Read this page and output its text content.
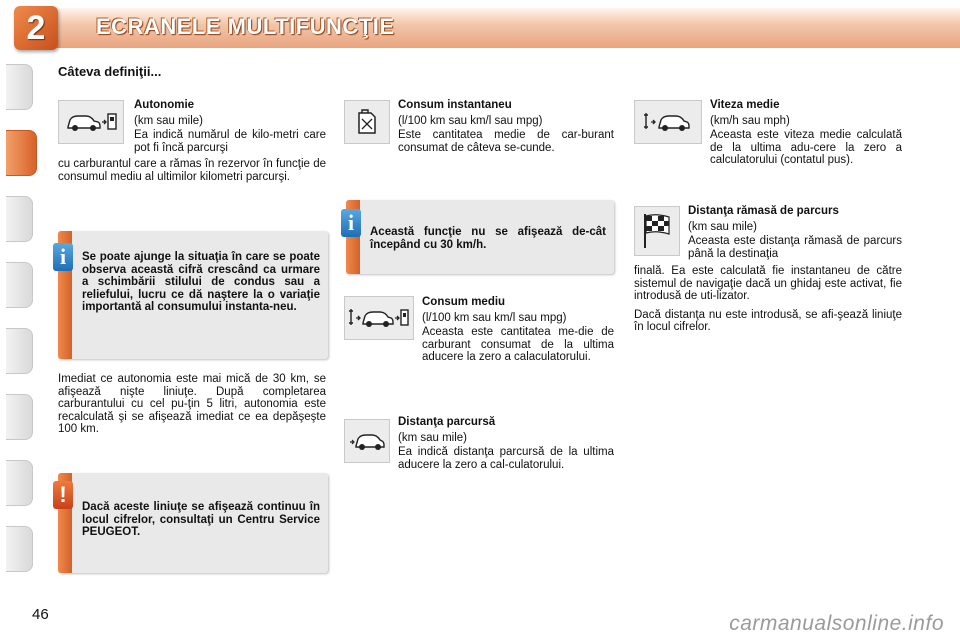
2	ECRANELE MULTIFUNCŢIE
Câteva definiţii...

Autonomie

(km sau mile)

Ea indică numărul de kilo-metri care pot fi încă parcurşi

cu carburantul care a rămas în rezervor în funcţie de consumul mediu al ultimilor kilometri parcurşi.

Se poate ajunge la situaţia în care se poate observa această cifră crescând ca urmare a schimbării stilului de condus sau a reliefului, lucru ce dă naştere la o variaţie importantă al consumului instanta-neu.
i

Imediat ce autonomia este mai mică de 30 km, se afişează nişte liniuţe. După completarea carburantului cu cel pu-ţin 5 litri, autonomia este recalculată şi se afişează imediat ce ea depăşeşte 100 km.

Dacă aceste liniuţe se afişează continuu în locul cifrelor, consultaţi un Centru Service PEUGEOT.
!

Consum instantaneu

(l/100 km sau km/l sau mpg)

Este cantitatea medie de car-burant consumat de câteva se-cunde.

Această funcţie nu se afişează de-cât începând cu 30 km/h.
i

Consum mediu

(l/100 km sau km/l sau mpg)

Aceasta este cantitatea me-die de carburant consumat de la ultima aducere la zero a calaculatorului.

Distanţa parcursă

(km sau mile)

Ea indică distanţa parcursă de la ultima aducere la zero a cal-culatorului.

Viteza medie

(km/h sau mph)

Aceasta este viteza medie calculată de la ultima adu-cere la zero a calculatorului (contatul pus).

Distanţa rămasă de parcurs

(km sau mile)

Aceasta este distanţa rămasă de parcurs până la destinaţia

finală. Ea este calculată fie instantaneu de către sistemul de navigaţie dacă un ghidaj este activat, fie introdusă de uti-lizator.

Dacă distanţa nu este introdusă, se afi-şează liniuţe în locul cifrelor.

46	carmanualsonline.info
